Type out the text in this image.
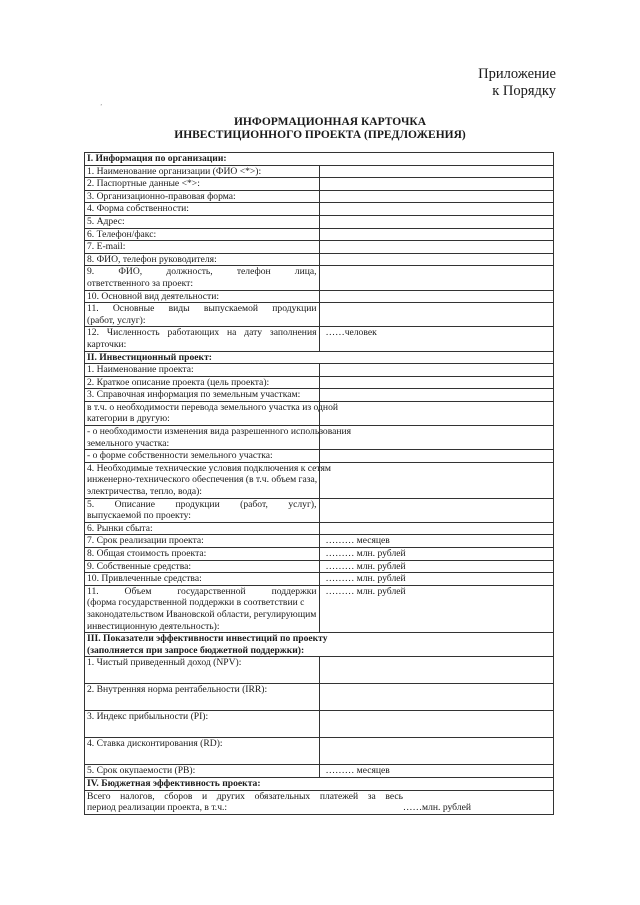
ʼ
Приложение
к Порядку
ИНФОРМАЦИОННАЯ КАРТОЧКА
ИНВЕСТИЦИОННОГО ПРОЕКТА (ПРЕДЛОЖЕНИЯ)
I. Информация по организации:	

1. Наименование организации (ФИО <*>):	

2. Паспортные данные <*>:	

3. Организационно-правовая форма:	

4. Форма собственности:	

5. Адрес:	

6. Телефон/факс:	

7. E-mail:	

8. ФИО, телефон руководителя:	

9. ФИО, должность, телефон лица,
ответственного за проект:	

10. Основной вид деятельности:	

11. Основные виды выпускаемой продукции
(работ, услуг):	

12. Численность работающих на дату заполнения
карточки:	……человек

II. Инвестиционный проект:	

1. Наименование проекта:	

2. Краткое описание проекта (цель проекта):	

3. Справочная информация по земельным участкам:	

в т.ч. о необходимости перевода земельного участка из одной
категории в другую:	

- о необходимости изменения вида разрешенного использования
земельного участка:	

- о форме собственности земельного участка:	

4. Необходимые технические условия подключения к сетям
инженерно-технического обеспечения (в т.ч. объем газа,
электричества, тепло, вода):	

5. Описание продукции (работ, услуг),
выпускаемой по проекту:	

6. Рынки сбыта:	

7. Срок реализации проекта:	……… месяцев

8. Общая стоимость проекта:	……… млн. рублей

9. Собственные средства:	……… млн. рублей

10. Привлеченные средства:	……… млн. рублей

11. Объем государственной поддержки
(форма государственной поддержки в соответствии с
законодательством Ивановской области, регулирующим
инвестиционную деятельность):	……… млн. рублей

III. Показатели эффективности инвестиций по проекту
(заполняется при запросе бюджетной поддержки):	

1. Чистый приведенный доход (NPV):	

2. Внутренняя норма рентабельности (IRR):	

3. Индекс прибыльности (PI):	

4. Ставка дисконтирования (RD):	

5. Срок окупаемости (PB):	……… месяцев

IV. Бюджетная эффективность проекта:	

Всего налогов, сборов и других обязательных платежей за весь
период реализации проекта, в т.ч.: ……млн. рублей	
